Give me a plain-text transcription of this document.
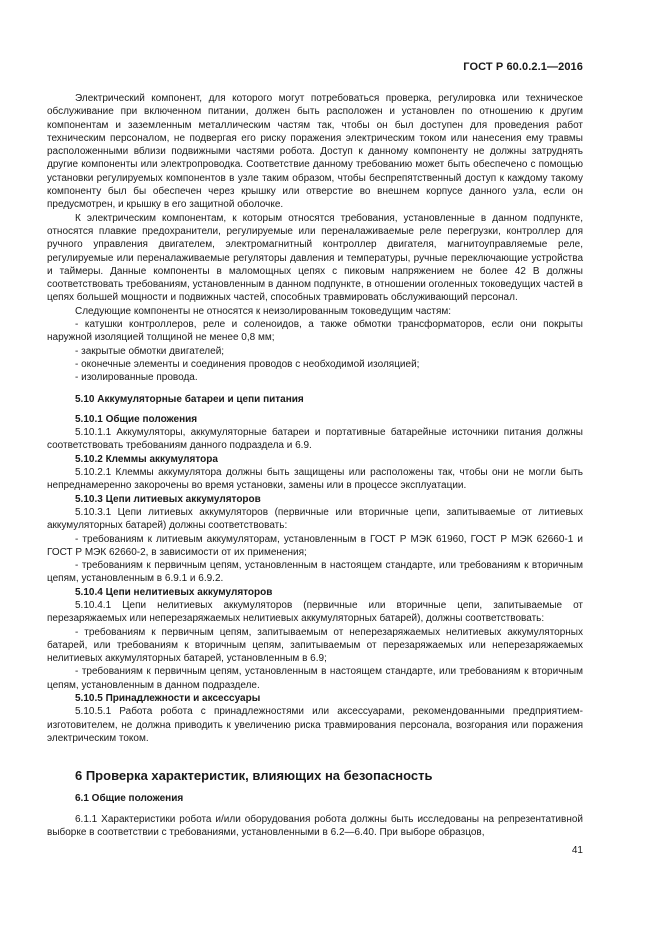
ГОСТ Р 60.0.2.1—2016

Электрический компонент, для которого могут потребоваться проверка, регулировка или техническое обслуживание при включенном питании, должен быть расположен и установлен по отношению к другим компонентам и заземленным металлическим частям так, чтобы он был доступен для проведения работ техническим персоналом, не подвергая его риску поражения электрическим током или нанесения ему травмы расположенными вблизи подвижными частями робота. Доступ к данному компоненту не должны затруднять другие компоненты или электропроводка. Соответствие данному требованию может быть обеспечено с помощью установки регулируемых компонентов в узле таким образом, чтобы беспрепятственный доступ к каждому такому компоненту был бы обеспечен через крышку или отверстие во внешнем корпусе данного узла, если он предусмотрен, и крышку в его защитной оболочке.

К электрическим компонентам, к которым относятся требования, установленные в данном подпункте, относятся плавкие предохранители, регулируемые или переналаживаемые реле перегрузки, контроллер для ручного управления двигателем, электромагнитный контроллер двигателя, магнитоуправляемые реле, регулируемые или переналаживаемые регуляторы давления и температуры, ручные переключающие устройства и таймеры. Данные компоненты в маломощных цепях с пиковым напряжением не более 42 В должны соответствовать требованиям, установленным в данном подпункте, в отношении оголенных токоведущих частей в цепях большей мощности и подвижных частей, способных травмировать обслуживающий персонал.

Следующие компоненты не относятся к неизолированным токоведущим частям:

- катушки контроллеров, реле и соленоидов, а также обмотки трансформаторов, если они покрыты наружной изоляцией толщиной не менее 0,8 мм;

- закрытые обмотки двигателей;

- оконечные элементы и соединения проводов с необходимой изоляцией;

- изолированные провода.

5.10 Аккумуляторные батареи и цепи питания

5.10.1 Общие положения

5.10.1.1 Аккумуляторы, аккумуляторные батареи и портативные батарейные источники питания должны соответствовать требованиям данного подраздела и 6.9.

5.10.2 Клеммы аккумулятора

5.10.2.1 Клеммы аккумулятора должны быть защищены или расположены так, чтобы они не могли быть непреднамеренно закорочены во время установки, замены или в процессе эксплуатации.

5.10.3 Цепи литиевых аккумуляторов

5.10.3.1 Цепи литиевых аккумуляторов (первичные или вторичные цепи, запитываемые от литиевых аккумуляторных батарей) должны соответствовать:

- требованиям к литиевым аккумуляторам, установленным в ГОСТ Р МЭК 61960, ГОСТ Р МЭК 62660-1 и ГОСТ Р МЭК 62660-2, в зависимости от их применения;

- требованиям к первичным цепям, установленным в настоящем стандарте, или требованиям к вторичным цепям, установленным в 6.9.1 и 6.9.2.

5.10.4 Цепи нелитиевых аккумуляторов

5.10.4.1 Цепи нелитиевых аккумуляторов (первичные или вторичные цепи, запитываемые от перезаряжаемых или неперезаряжаемых нелитиевых аккумуляторных батарей), должны соответствовать:

- требованиям к первичным цепям, запитываемым от неперезаряжаемых нелитиевых аккумуляторных батарей, или требованиям к вторичным цепям, запитываемым от перезаряжаемых или неперезаряжаемых нелитиевых аккумуляторных батарей, установленным в 6.9;

- требованиям к первичным цепям, установленным в настоящем стандарте, или требованиям к вторичным цепям, установленным в данном подразделе.

5.10.5 Принадлежности и аксессуары

5.10.5.1 Работа робота с принадлежностями или аксессуарами, рекомендованными предприятием-изготовителем, не должна приводить к увеличению риска травмирования персонала, возгорания или поражения электрическим током.

6 Проверка характеристик, влияющих на безопасность

6.1 Общие положения

6.1.1 Характеристики робота и/или оборудования робота должны быть исследованы на репрезентативной выборке в соответствии с требованиями, установленными в 6.2—6.40. При выборе образцов,

41
